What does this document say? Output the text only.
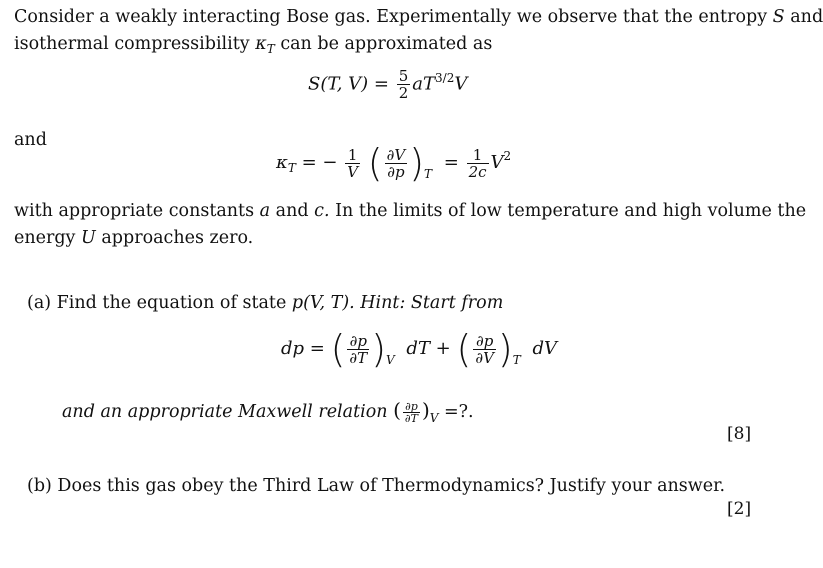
Consider a weakly interacting Bose gas. Experimentally we observe that the entropy S and
isothermal compressibility $\kappa_T$ can be approximated as
S(T, $V) = \frac{5}{2} aT^{3/2}V$
and
$\kappa_T$ = − $\frac{1}{V}$ ( $\frac{\partial V}{\partial p} )_T = \frac{1}{2c} V^2$
with appropriate constants a and c. In the limits of low temperature and high volume the
energy U approaches zero.
(a) Find the equation of state p(V, T). Hint: Start from
dp = ( $\frac{\partial p}{\partial T} )_V$ dT + ( $\frac{\partial p}{\partial V} )_T$ dV
and an appropriate Maxwell relation ( $\frac{\partial p}{\partial T} )_V$ =?.
[8]
(b) Does this gas obey the Third Law of Thermodynamics? Justify your answer.
[2]
